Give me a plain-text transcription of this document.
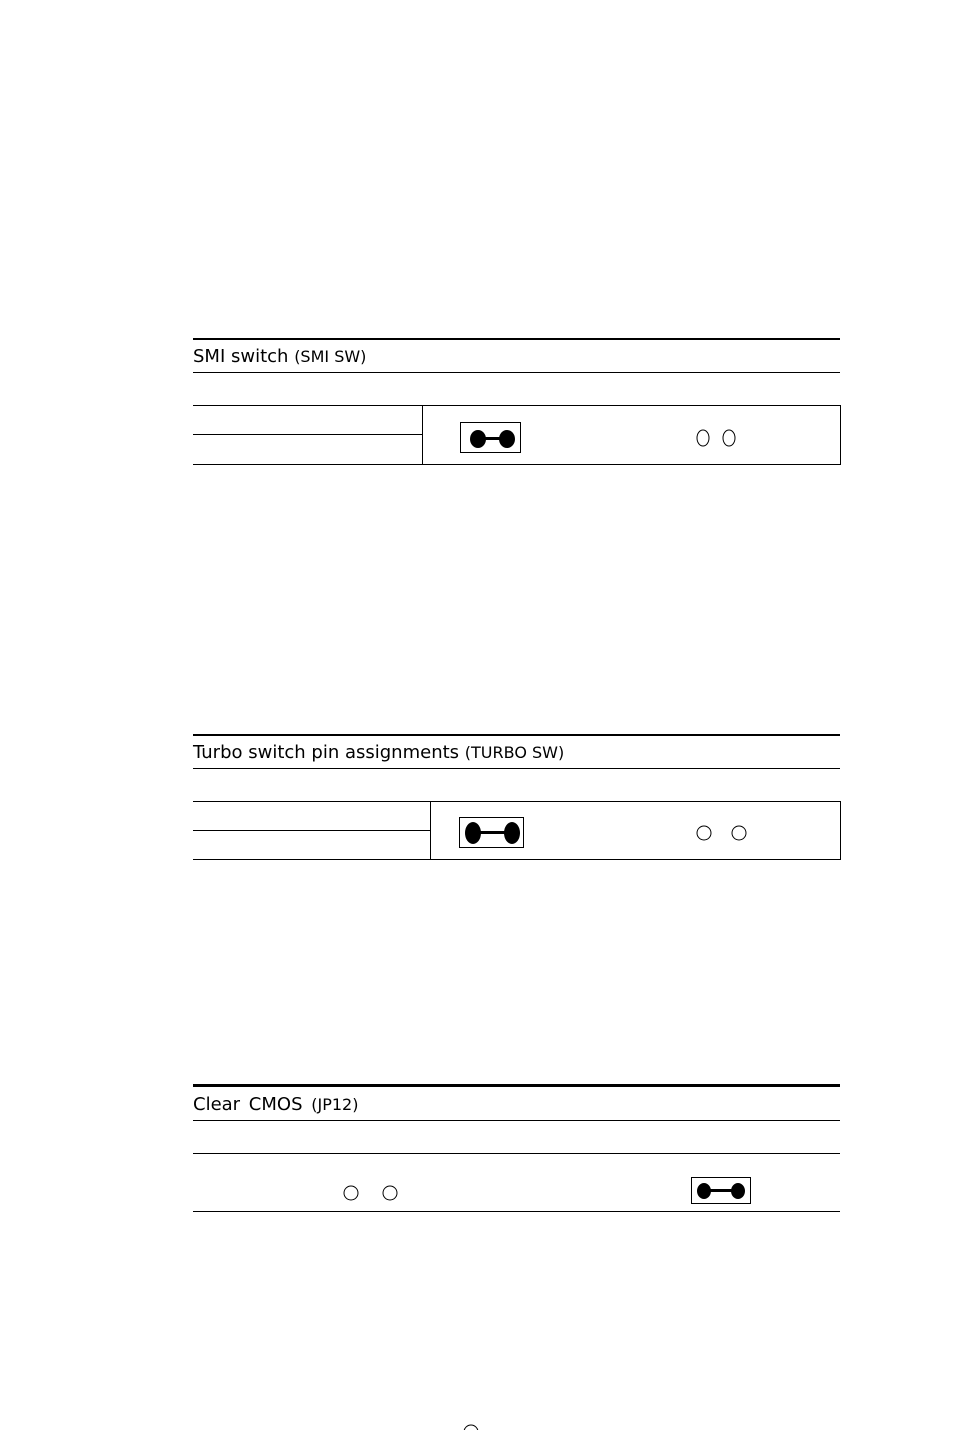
SMI switch (SMI SW)
Turbo switch pin assignments (TURBO SW)
Clear CMOS (JP12)
